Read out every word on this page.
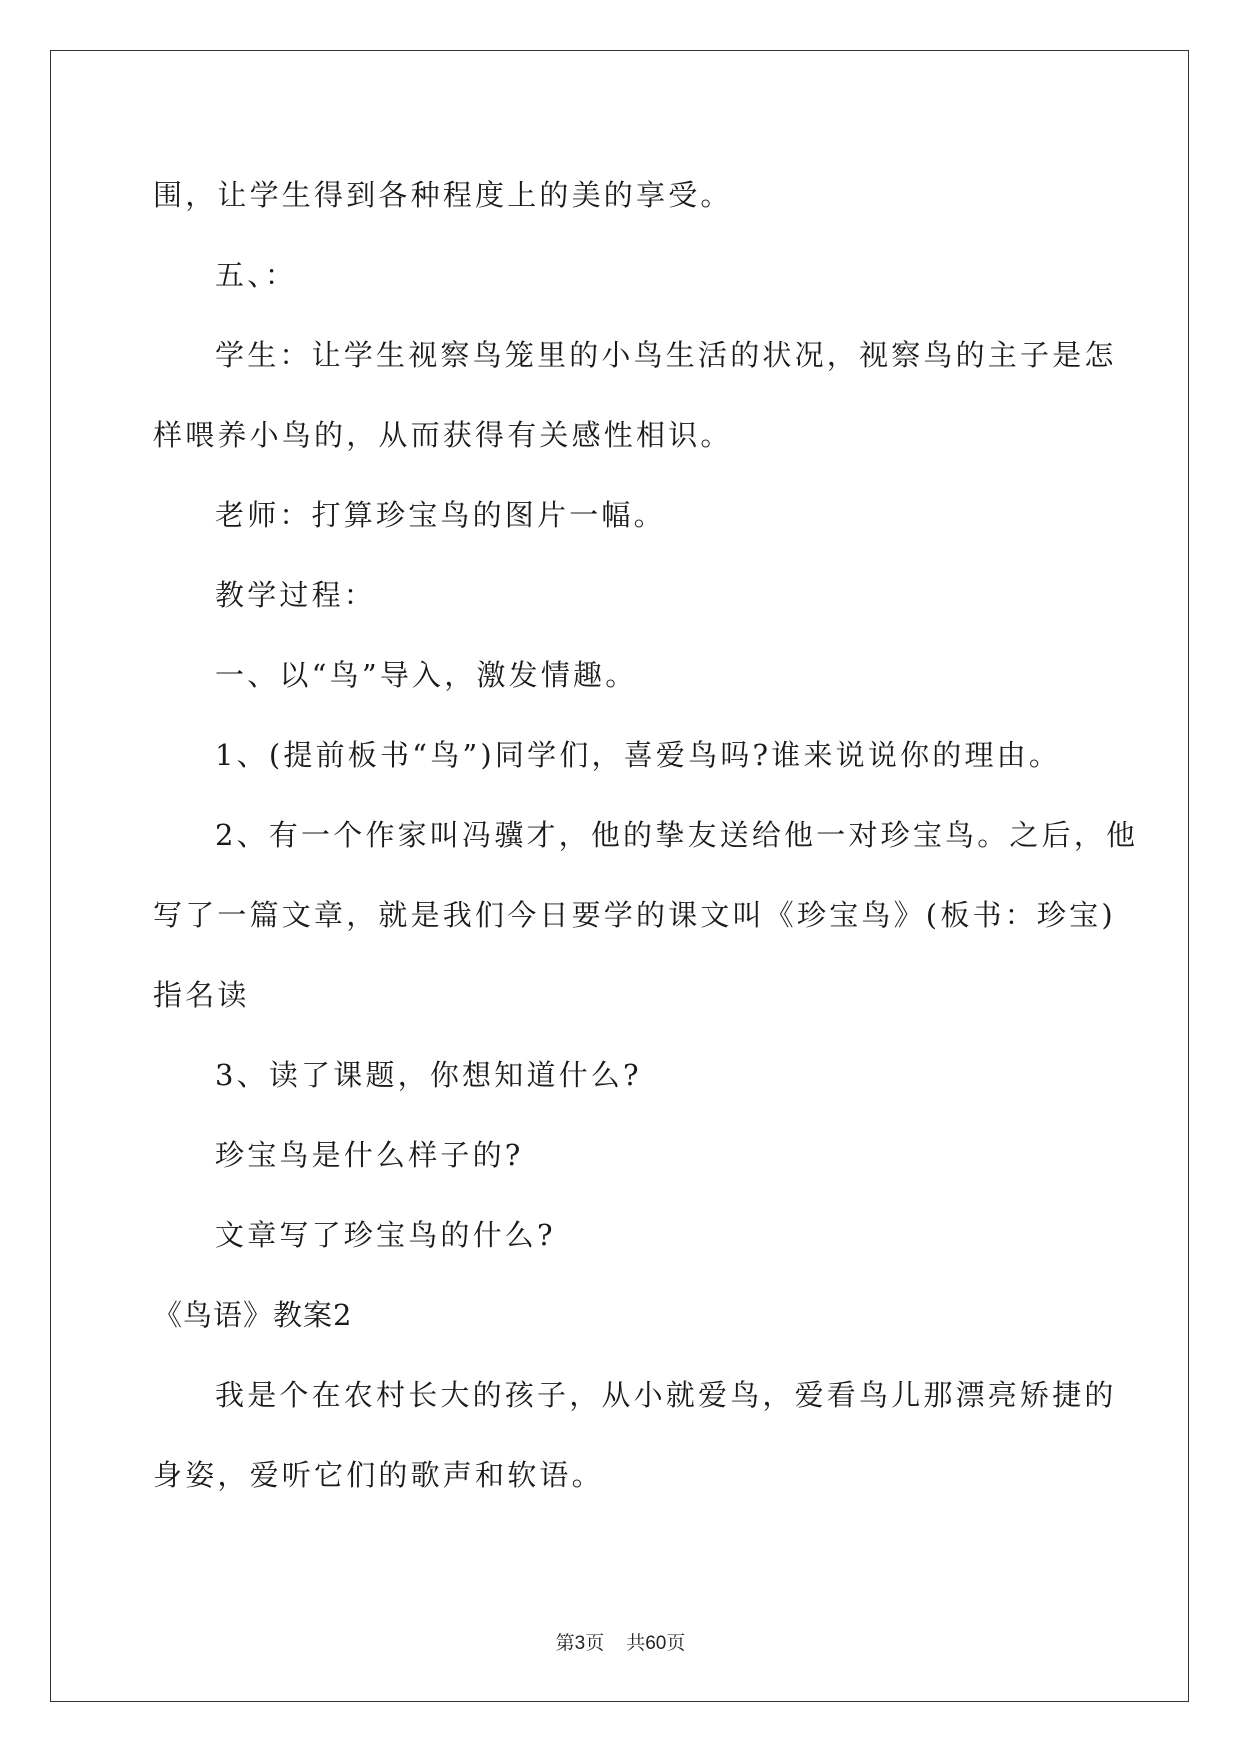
围，让学生得到各种程度上的美的享受。
五、：
学生：让学生视察鸟笼里的小鸟生活的状况，视察鸟的主子是怎
样喂养小鸟的，从而获得有关感性相识。
老师：打算珍宝鸟的图片一幅。
教学过程：
一、以“鸟”导入，激发情趣。
1、(提前板书“鸟”)同学们，喜爱鸟吗?谁来说说你的理由。
2、有一个作家叫冯骥才，他的挚友送给他一对珍宝鸟。之后，他
写了一篇文章，就是我们今日要学的课文叫《珍宝鸟》(板书：珍宝)
指名读
3、读了课题，你想知道什么?
珍宝鸟是什么样子的?
文章写了珍宝鸟的什么?
《鸟语》教案2
我是个在农村长大的孩子，从小就爱鸟，爱看鸟儿那漂亮矫捷的
身姿，爱听它们的歌声和软语。
第3页 共60页
